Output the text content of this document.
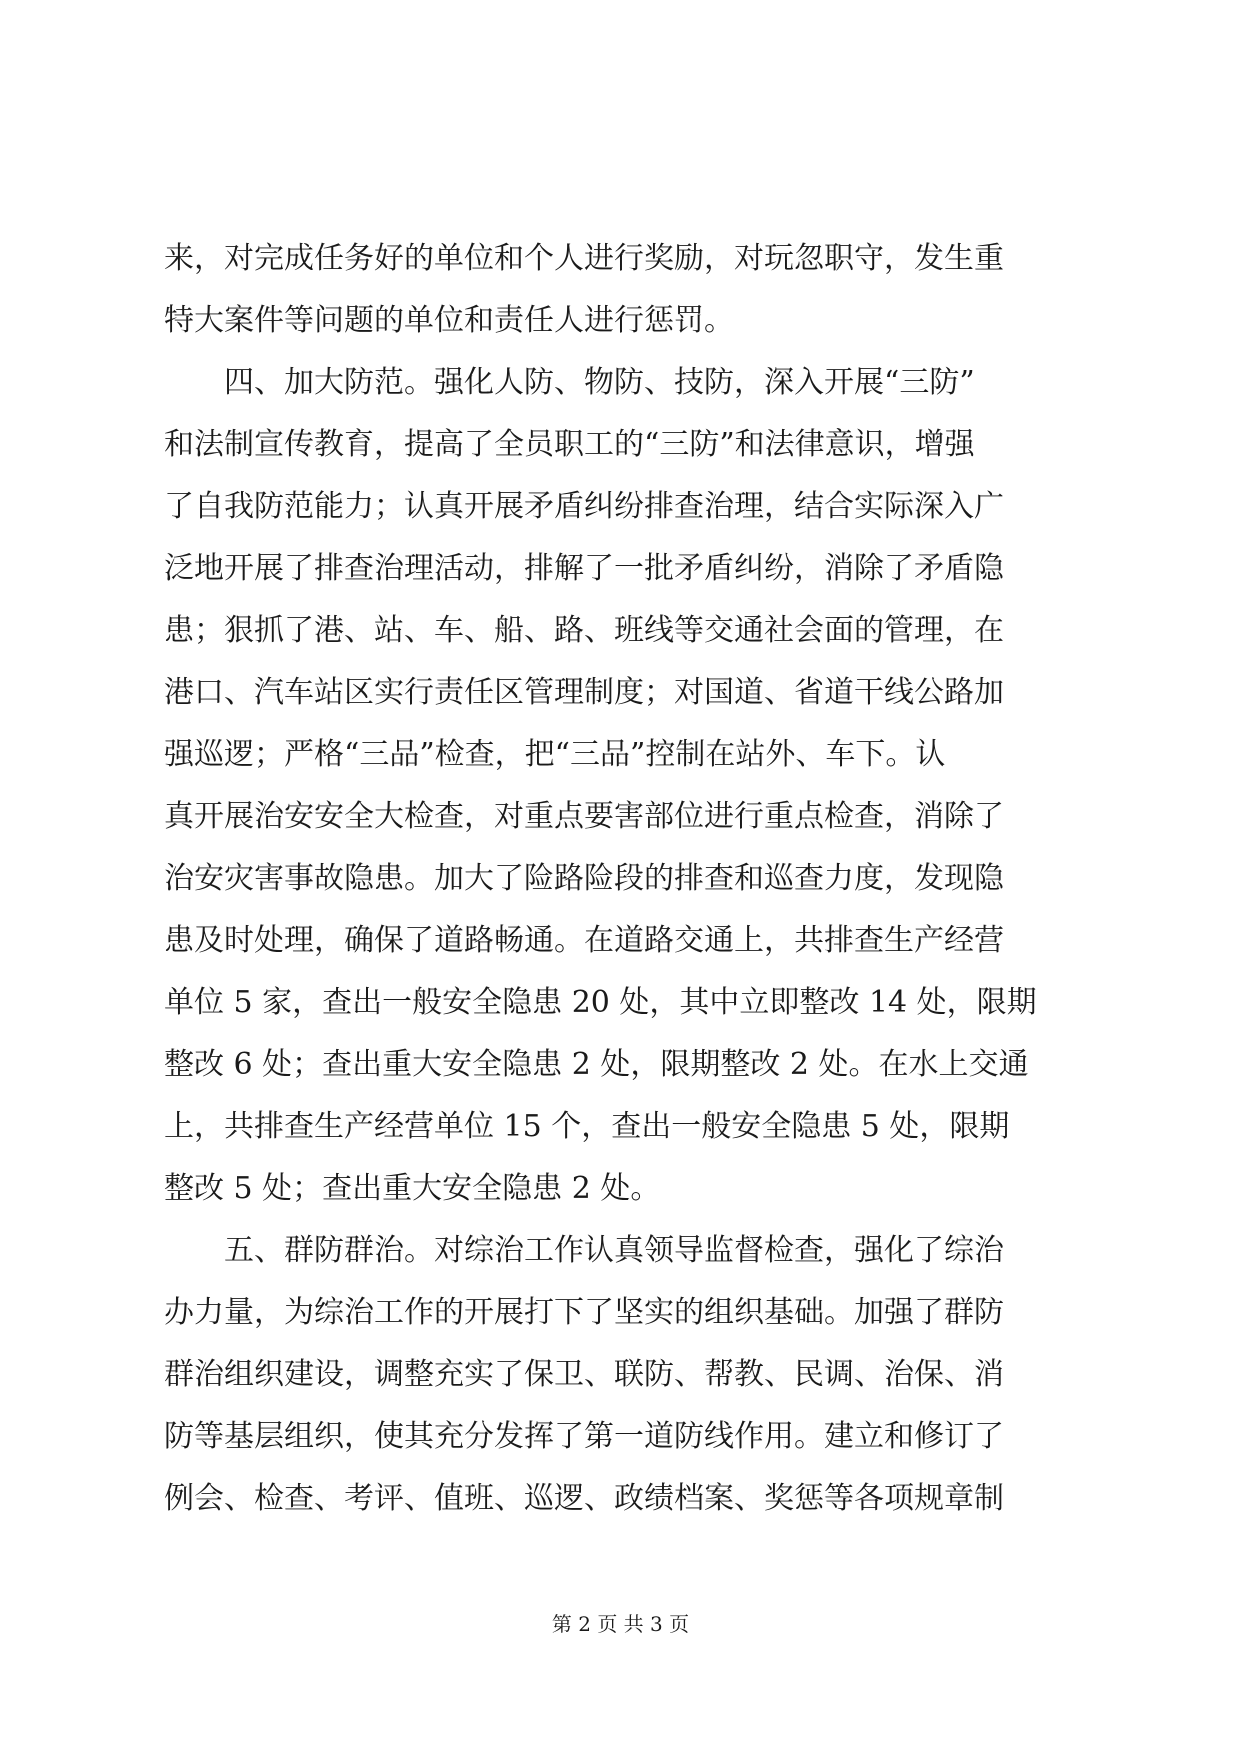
来，对完成任务好的单位和个人进行奖励，对玩忽职守，发生重
特大案件等问题的单位和责任人进行惩罚。
　　四、加大防范。强化人防、物防、技防，深入开展“三防”
和法制宣传教育，提高了全员职工的“三防”和法律意识，增强
了自我防范能力；认真开展矛盾纠纷排查治理，结合实际深入广
泛地开展了排查治理活动，排解了一批矛盾纠纷，消除了矛盾隐
患；狠抓了港、站、车、船、路、班线等交通社会面的管理，在
港口、汽车站区实行责任区管理制度；对国道、省道干线公路加
强巡逻；严格“三品”检查，把“三品”控制在站外、车下。认
真开展治安安全大检查，对重点要害部位进行重点检查，消除了
治安灾害事故隐患。加大了险路险段的排查和巡查力度，发现隐
患及时处理，确保了道路畅通。在道路交通上，共排查生产经营
单位 5 家，查出一般安全隐患 20 处，其中立即整改 14 处，限期
整改 6 处；查出重大安全隐患 2 处，限期整改 2 处。在水上交通
上，共排查生产经营单位 15 个，查出一般安全隐患 5 处，限期
整改 5 处；查出重大安全隐患 2 处。
　　五、群防群治。对综治工作认真领导监督检查，强化了综治
办力量，为综治工作的开展打下了坚实的组织基础。加强了群防
群治组织建设，调整充实了保卫、联防、帮教、民调、治保、消
防等基层组织，使其充分发挥了第一道防线作用。建立和修订了
例会、检查、考评、值班、巡逻、政绩档案、奖惩等各项规章制
第 2 页 共 3 页
